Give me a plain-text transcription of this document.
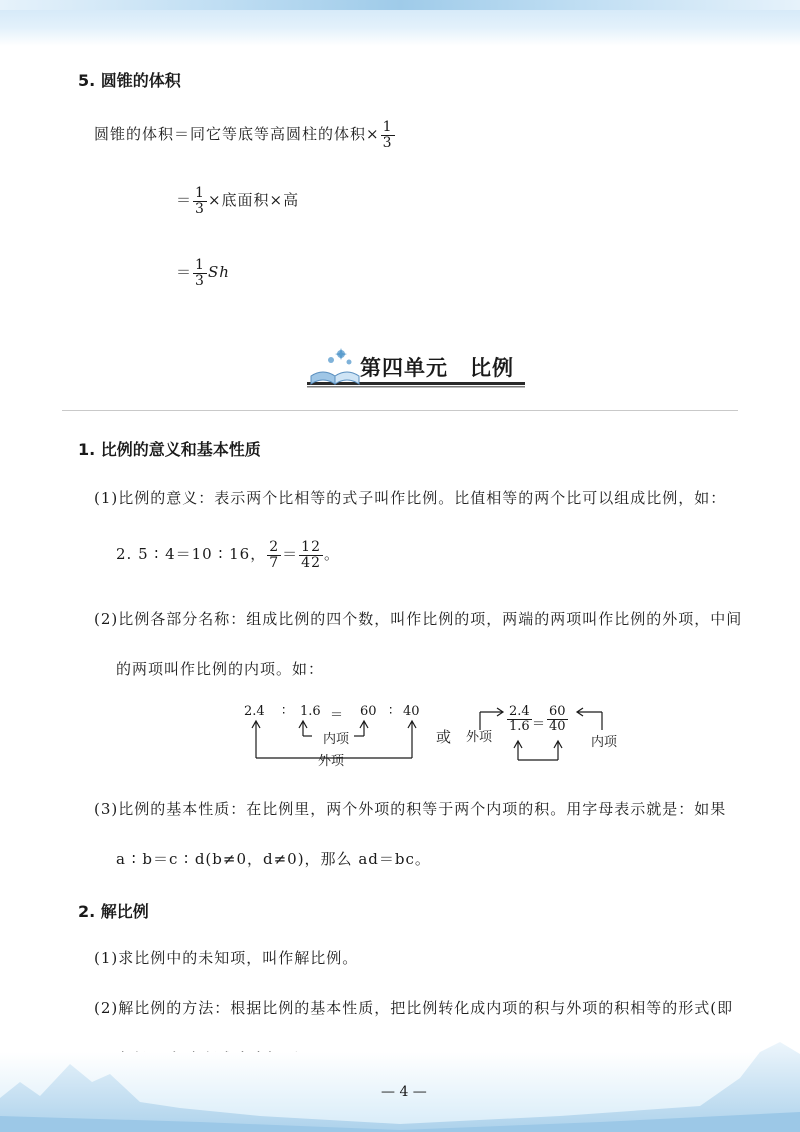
5. 圆锥的体积
圆锥的体积＝同它等底等高圆柱的体积× $\frac{1}{3}$
＝ $\frac{1}{3}$ ×底面积×高
＝ $\frac{1}{3}$ Sh
第四单元　比例
1. 比例的意义和基本性质
(1)比例的意义：表示两个比相等的式子叫作比例。比值相等的两个比可以组成比例，如：
2. 5 ∶ 4＝10 ∶ 16， $\frac{2}{7} = \frac{12}{42}$ 。
(2)比例各部分名称：组成比例的四个数，叫作比例的项，两端的两项叫作比例的外项，中间
的两项叫作比例的内项。如：
2.4 ∶ 1.6 ＝ 60 ∶ 40
内项
外项
或 外项
$\frac{2.4}{1.6} = \frac{60}{40}$
内项
(3)比例的基本性质：在比例里，两个外项的积等于两个内项的积。用字母表示就是：如果
a ∶ b＝c ∶ d(b≠0，d≠0)，那么 ad＝bc。
2. 解比例
(1)求比例中的未知项，叫作解比例。
(2)解比例的方法：根据比例的基本性质，把比例转化成内项的积与外项的积相等的形式(即
— 4 —
